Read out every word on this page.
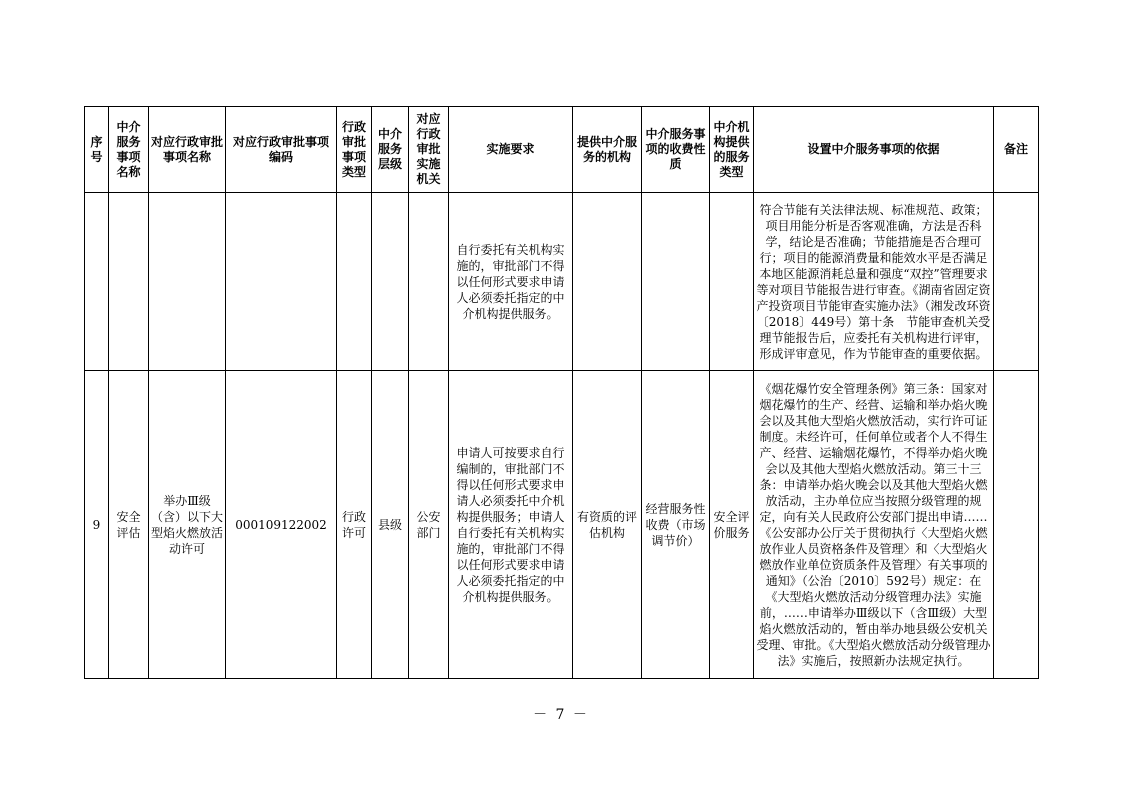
序号	中介服务事项名称	对应行政审批事项名称	对应行政审批事项编码	行政审批事项类型	中介服务层级	对应行政审批实施机关	实施要求	提供中介服务的机构	中介服务事项的收费性质	中介机构提供的服务类型	设置中介服务事项的依据	备注
							自行委托有关机构实施的，审批部门不得以任何形式要求申请人必须委托指定的中介机构提供服务。				符合节能有关法律法规、标准规范、政策；项目用能分析是否客观准确，方法是否科学，结论是否准确；节能措施是否合理可行；项目的能源消费量和能效水平是否满足本地区能源消耗总量和强度“双控”管理要求等对项目节能报告进行审查。《湖南省固定资产投资项目节能审查实施办法》（湘发改环资〔2018〕449号）第十条　节能审查机关受理节能报告后，应委托有关机构进行评审，形成评审意见，作为节能审查的重要依据。	
9	安全评估	举办Ⅲ级（含）以下大型焰火燃放活动许可	000109122002	行政许可	县级	公安部门	申请人可按要求自行编制的，审批部门不得以任何形式要求申请人必须委托中介机构提供服务；申请人自行委托有关机构实施的，审批部门不得以任何形式要求申请人必须委托指定的中介机构提供服务。	有资质的评估机构	经营服务性收费（市场调节价）	安全评价服务	《烟花爆竹安全管理条例》第三条：国家对烟花爆竹的生产、经营、运输和举办焰火晚会以及其他大型焰火燃放活动，实行许可证制度。未经许可，任何单位或者个人不得生产、经营、运输烟花爆竹，不得举办焰火晚会以及其他大型焰火燃放活动。第三十三条：申请举办焰火晚会以及其他大型焰火燃放活动，主办单位应当按照分级管理的规定，向有关人民政府公安部门提出申请……《公安部办公厅关于贯彻执行〈大型焰火燃放作业人员资格条件及管理〉和〈大型焰火燃放作业单位资质条件及管理〉有关事项的通知》（公治〔2010〕592号）规定：在《大型焰火燃放活动分级管理办法》实施前，……申请举办Ⅲ级以下（含Ⅲ级）大型焰火燃放活动的，暂由举办地县级公安机关受理、审批。《大型焰火燃放活动分级管理办法》实施后，按照新办法规定执行。	
－ 7 －
